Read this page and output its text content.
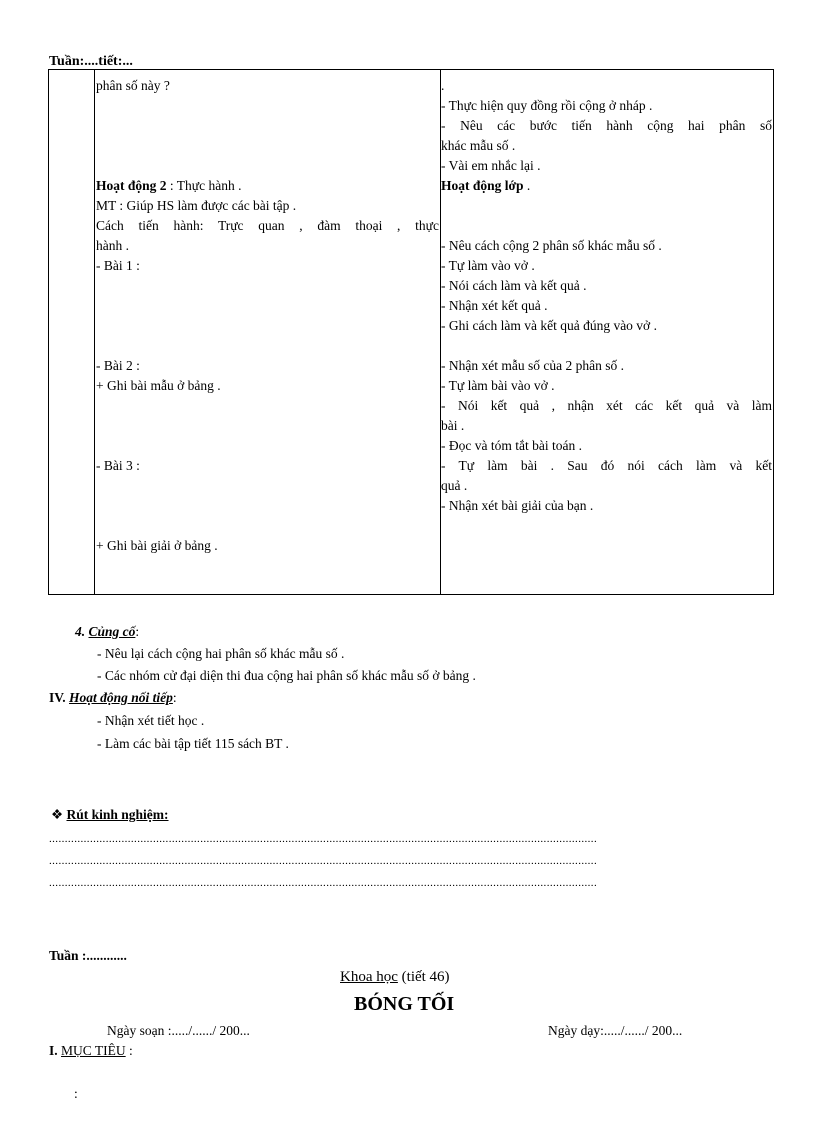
Tuần:....tiết:...
phân số này ?
Hoạt động 2 : Thực hành .
MT : Giúp HS làm được các bài tập .
Cách tiến hành: Trực quan , đàm thoại , thực
hành .
- Bài 1 :
- Bài 2 :
+ Ghi bài mẫu ở bảng .
- Bài 3 :
+ Ghi bài giải ở bảng .
.
- Thực hiện quy đồng rồi cộng ở nháp .
- Nêu các bước tiến hành cộng hai phân số
khác mẫu số .
- Vài em nhắc lại .
Hoạt động lớp .
- Nêu cách cộng 2 phân số khác mẫu số .
- Tự làm vào vở .
- Nói cách làm và kết quả .
- Nhận xét kết quả .
- Ghi cách làm và kết quả đúng vào vở .
- Nhận xét mẫu số của 2 phân số .
- Tự làm bài vào vở .
- Nói kết quả , nhận xét các kết quả và làm
bài .
- Đọc và tóm tắt bài toán .
- Tự làm bài . Sau đó nói cách làm và kết
quả .
- Nhận xét bài giải của bạn .
4. Củng cố:
- Nêu lại cách cộng hai phân số khác mẫu số .
- Các nhóm cử đại diện thi đua cộng hai phân số khác mẫu số ở bảng .
IV. Hoạt động nối tiếp:
- Nhận xét tiết học .
- Làm các bài tập tiết 115 sách BT .
❖ Rút kinh nghiệm:
..............................................................................................................................................................................
..............................................................................................................................................................................
..............................................................................................................................................................................
Tuần :............
Khoa học (tiết 46)
BÓNG TỐI
Ngày soạn :...../....../ 200...	Ngày dạy:...../....../ 200...
I. MỤC TIÊU :
:
